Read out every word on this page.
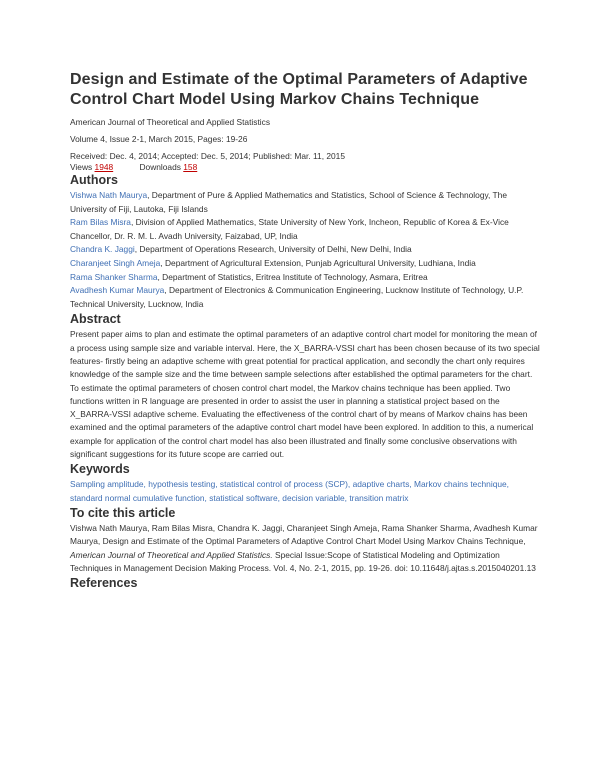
Design and Estimate of the Optimal Parameters of Adaptive Control Chart Model Using Markov Chains Technique

American Journal of Theoretical and Applied Statistics

Volume 4, Issue 2-1, March 2015, Pages: 19-26

Received: Dec. 4, 2014; Accepted: Dec. 5, 2014; Published: Mar. 11, 2015

Views 1948	Downloads 158
Authors

Vishwa Nath Maurya, Department of Pure & Applied Mathematics and Statistics, School of Science & Technology, The University of Fiji, Lautoka, Fiji Islands

Ram Bilas Misra, Division of Applied Mathematics, State University of New York, Incheon, Republic of Korea & Ex-Vice Chancellor, Dr. R. M. L. Avadh University, Faizabad, UP, India

Chandra K. Jaggi, Department of Operations Research, University of Delhi, New Delhi, India

Charanjeet Singh Ameja, Department of Agricultural Extension, Punjab Agricultural University, Ludhiana, India

Rama Shanker Sharma, Department of Statistics, Eritrea Institute of Technology, Asmara, Eritrea

Avadhesh Kumar Maurya, Department of Electronics & Communication Engineering, Lucknow Institute of Technology, U.P. Technical University, Lucknow, India

Abstract

Present paper aims to plan and estimate the optimal parameters of an adaptive control chart model for monitoring the mean of a process using sample size and variable interval. Here, the X_BARRA-VSSI chart has been chosen because of its two special features- firstly being an adaptive scheme with great potential for practical application, and secondly the chart only requires knowledge of the sample size and the time between sample selections after established the optimal parameters for the chart. To estimate the optimal parameters of chosen control chart model, the Markov chains technique has been applied. Two functions written in R language are presented in order to assist the user in planning a statistical project based on the X_BARRA-VSSI adaptive scheme. Evaluating the effectiveness of the control chart of by means of Markov chains has been examined and the optimal parameters of the adaptive control chart model have been explored. In addition to this, a numerical example for application of the control chart model has also been illustrated and finally some conclusive observations with significant suggestions for its future scope are carried out.

Keywords

Sampling amplitude, hypothesis testing, statistical control of process (SCP), adaptive charts, Markov chains technique, standard normal cumulative function, statistical software, decision variable, transition matrix

To cite this article

Vishwa Nath Maurya, Ram Bilas Misra, Chandra K. Jaggi, Charanjeet Singh Ameja, Rama Shanker Sharma, Avadhesh Kumar Maurya, Design and Estimate of the Optimal Parameters of Adaptive Control Chart Model Using Markov Chains Technique, American Journal of Theoretical and Applied Statistics. Special Issue:Scope of Statistical Modeling and Optimization Techniques in Management Decision Making Process. Vol. 4, No. 2-1, 2015, pp. 19-26. doi: 10.11648/j.ajtas.s.2015040201.13

References
